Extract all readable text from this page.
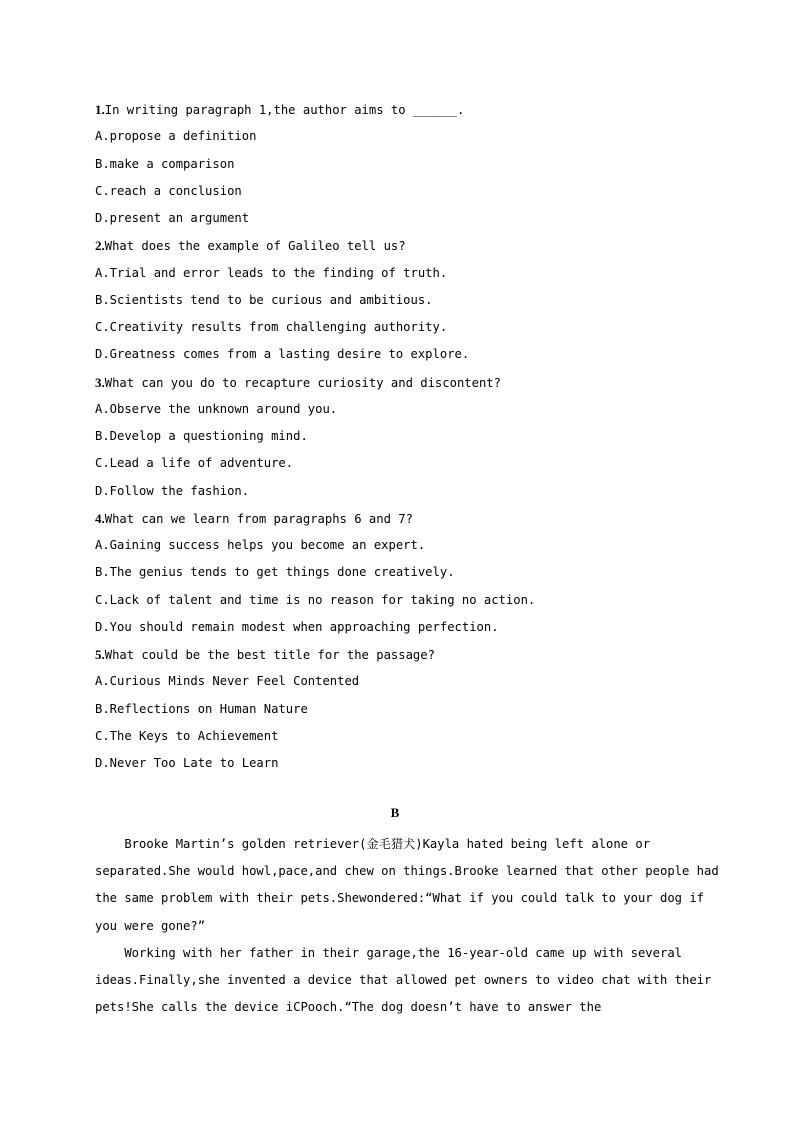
1.In writing paragraph 1,the author aims to ______.
A.propose a definition
B.make a comparison
C.reach a conclusion
D.present an argument
2.What does the example of Galileo tell us?
A.Trial and error leads to the finding of truth.
B.Scientists tend to be curious and ambitious.
C.Creativity results from challenging authority.
D.Greatness comes from a lasting desire to explore.
3.What can you do to recapture curiosity and discontent?
A.Observe the unknown around you.
B.Develop a questioning mind.
C.Lead a life of adventure.
D.Follow the fashion.
4.What can we learn from paragraphs 6 and 7?
A.Gaining success helps you become an expert.
B.The genius tends to get things done creatively.
C.Lack of talent and time is no reason for taking no action.
D.You should remain modest when approaching perfection.
5.What could be the best title for the passage?
A.Curious Minds Never Feel Contented
B.Reflections on Human Nature
C.The Keys to Achievement
D.Never Too Late to Learn
B
Brooke Martin’s golden retriever(金毛猎犬)Kayla hated being left alone or
separated.She would howl,pace,and chew on things.Brooke learned that other people had
the same problem with their pets.Shewondered:“What if you could talk to your dog if
you were gone?”
Working with her father in their garage,the 16-year-old came up with several
ideas.Finally,she invented a device that allowed pet owners to video chat with their
pets!She calls the device iCPooch.“The dog doesn’t have to answer the
